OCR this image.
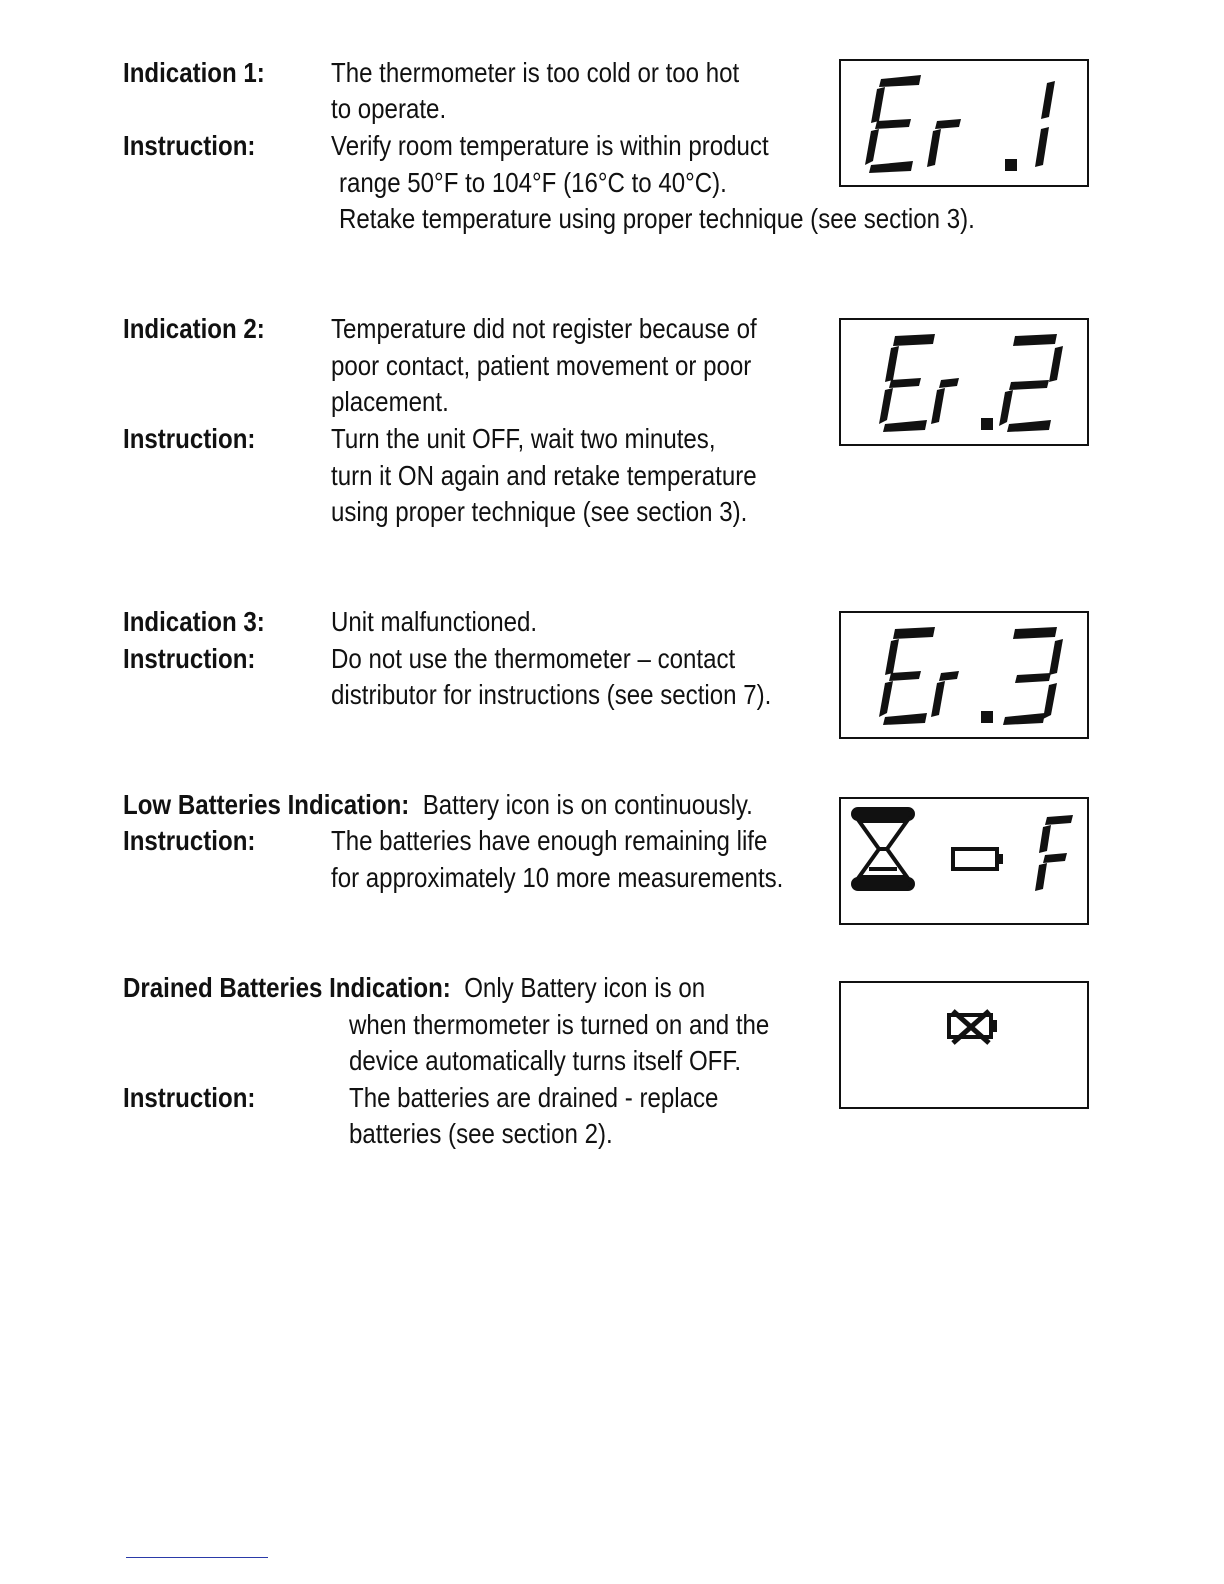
Indication 1: The thermometer is too cold or too hot
to operate.
Instruction:	Verify room temperature is within product
range 50°F to 104°F (16°C to 40°C).
Retake temperature using proper technique (see section 3).
Indication 2: Temperature did not register because of
poor contact, patient movement or poor
placement.
Instruction:	Turn the unit OFF, wait two minutes,
turn it ON again and retake temperature
using proper technique (see section 3).
Indication 3: Unit malfunctioned.
Instruction:	Do not use the thermometer – contact
distributor for instructions (see section 7).
Low Batteries Indication: Battery icon is on continuously.
Instruction:	The batteries have enough remaining life
for approximately 10 more measurements.
Drained Batteries Indication: Only Battery icon is on
when thermometer is turned on and the
device automatically turns itself OFF.
Instruction:	The batteries are drained - replace
batteries (see section 2).
